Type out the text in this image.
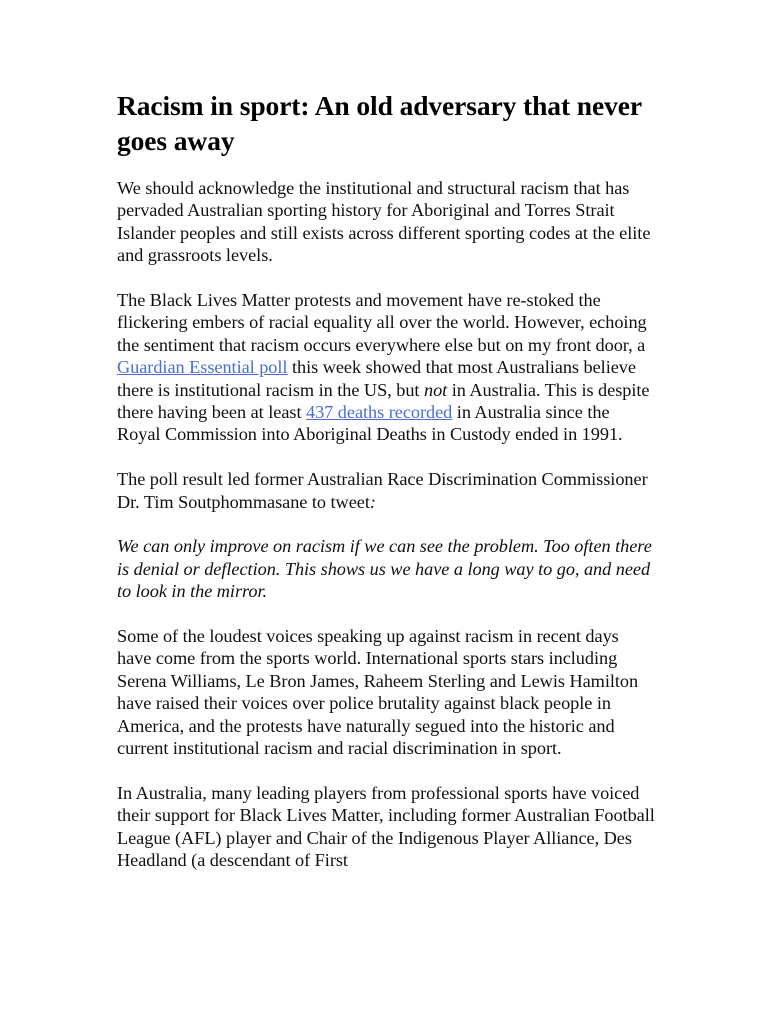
Racism in sport: An old adversary that never goes away

We should acknowledge the institutional and structural racism that has pervaded Australian sporting history for Aboriginal and Torres Strait Islander peoples and still exists across different sporting codes at the elite and grassroots levels.

The Black Lives Matter protests and movement have re-stoked the flickering embers of racial equality all over the world. However, echoing the sentiment that racism occurs everywhere else but on my front door, a Guardian Essential poll this week showed that most Australians believe there is institutional racism in the US, but not in Australia. This is despite there having been at least 437 deaths recorded in Australia since the Royal Commission into Aboriginal Deaths in Custody ended in 1991.

The poll result led former Australian Race Discrimination Commissioner Dr. Tim Soutphommasane to tweet:

We can only improve on racism if we can see the problem. Too often there is denial or deflection. This shows us we have a long way to go, and need to look in the mirror.

Some of the loudest voices speaking up against racism in recent days have come from the sports world. International sports stars including Serena Williams, Le Bron James, Raheem Sterling and Lewis Hamilton have raised their voices over police brutality against black people in America, and the protests have naturally segued into the historic and current institutional racism and racial discrimination in sport.

In Australia, many leading players from professional sports have voiced their support for Black Lives Matter, including former Australian Football League (AFL) player and Chair of the Indigenous Player Alliance, Des Headland (a descendant of First
